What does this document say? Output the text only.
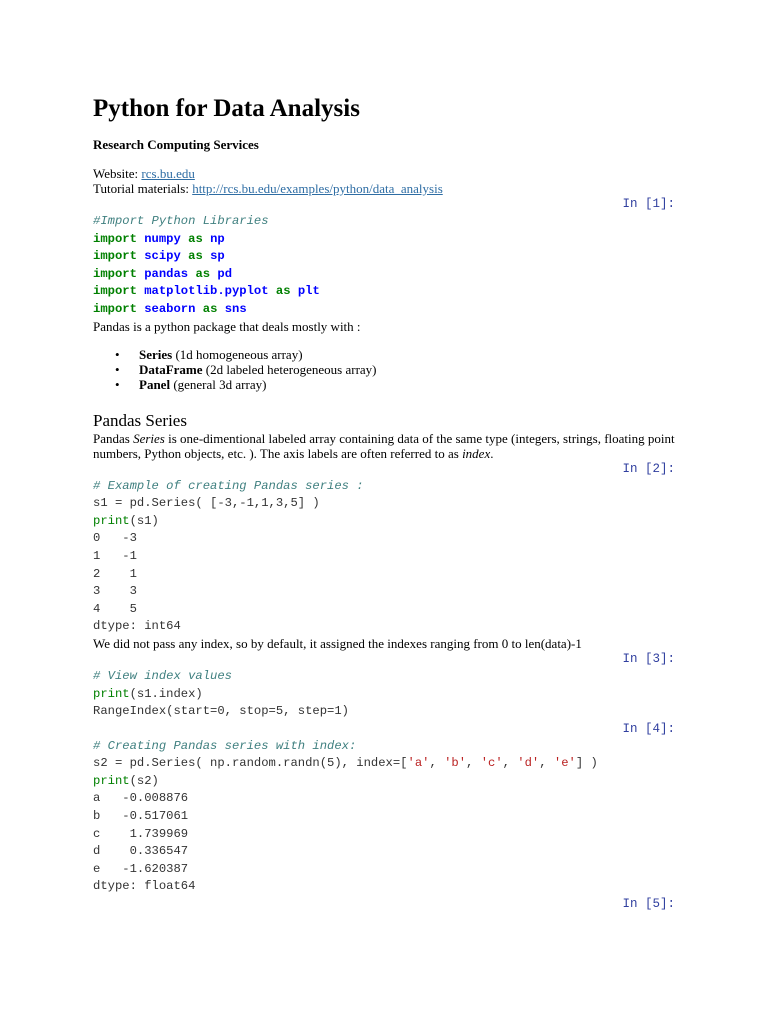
Python for Data Analysis
Research Computing Services
Website: rcs.bu.edu
Tutorial materials: http://rcs.bu.edu/examples/python/data_analysis
In [1]:
#Import Python Libraries
import numpy as np
import scipy as sp
import pandas as pd
import matplotlib.pyplot as plt
import seaborn as sns
Pandas is a python package that deals mostly with :
• Series (1d homogeneous array)
• DataFrame (2d labeled heterogeneous array)
• Panel (general 3d array)
Pandas Series
Pandas Series is one-dimentional labeled array containing data of the same type (integers, strings, floating point numbers, Python objects, etc. ). The axis labels are often referred to as index.
In [2]:
# Example of creating Pandas series :
s1 = pd.Series( [-3,-1,1,3,5] )
print(s1)
0   -3
1   -1
2    1
3    3
4    5
dtype: int64
We did not pass any index, so by default, it assigned the indexes ranging from 0 to len(data)-1
In [3]:
# View index values
print(s1.index)
RangeIndex(start=0, stop=5, step=1)
In [4]:
# Creating Pandas series with index:
s2 = pd.Series( np.random.randn(5), index=['a', 'b', 'c', 'd', 'e'] )
print(s2)
a   -0.008876
b   -0.517061
c    1.739969
d    0.336547
e   -1.620387
dtype: float64
In [5]:
